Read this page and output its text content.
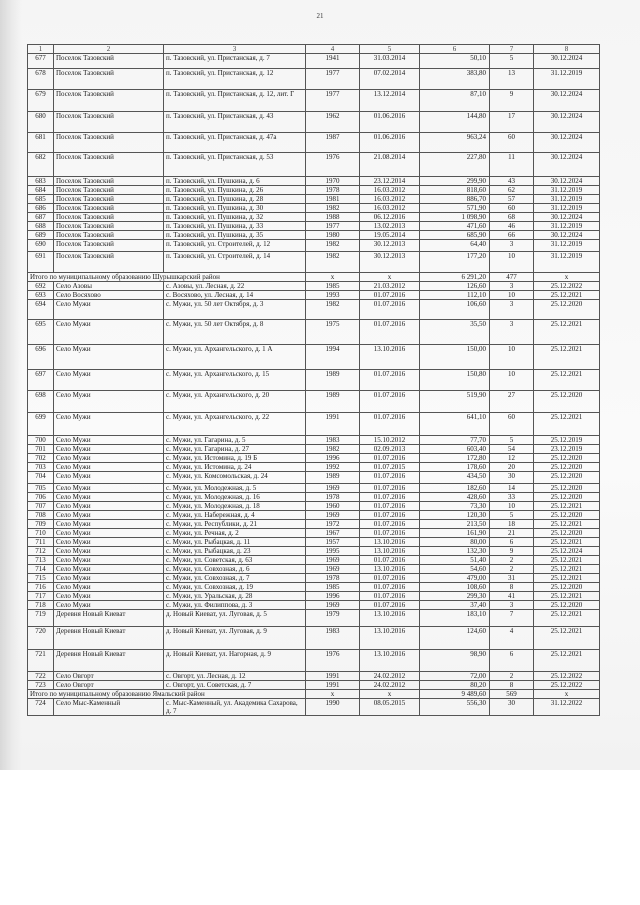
21
1	2	3	4	5	6	7	8
677	Поселок Тазовский	п. Тазовский, ул. Пристанская, д. 7	1941	31.03.2014	50,10	5	30.12.2024
678	Поселок Тазовский	п. Тазовский, ул. Пристанская, д. 12	1977	07.02.2014	383,80	13	31.12.2019
679	Поселок Тазовский	п. Тазовский, ул. Пристанская, д. 12, лит. Г	1977	13.12.2014	87,10	9	30.12.2024
680	Поселок Тазовский	п. Тазовский, ул. Пристанская, д. 43	1962	01.06.2016	144,80	17	30.12.2024
681	Поселок Тазовский	п. Тазовский, ул. Пристанская, д. 47а	1987	01.06.2016	963,24	60	30.12.2024
682	Поселок Тазовский	п. Тазовский, ул. Пристанская, д. 53	1976	21.08.2014	227,80	11	30.12.2024
683	Поселок Тазовский	п. Тазовский, ул. Пушкина, д. 6	1970	23.12.2014	299,90	43	30.12.2024
684	Поселок Тазовский	п. Тазовский, ул. Пушкина, д. 26	1978	16.03.2012	818,60	62	31.12.2019
685	Поселок Тазовский	п. Тазовский, ул. Пушкина, д. 28	1981	16.03.2012	886,70	57	31.12.2019
686	Поселок Тазовский	п. Тазовский, ул. Пушкина, д. 30	1982	16.03.2012	571,90	60	31.12.2019
687	Поселок Тазовский	п. Тазовский, ул. Пушкина, д. 32	1988	06.12.2016	1 098,90	68	30.12.2024
688	Поселок Тазовский	п. Тазовский, ул. Пушкина, д. 33	1977	13.02.2013	471,60	46	31.12.2019
689	Поселок Тазовский	п. Тазовский, ул. Пушкина, д. 35	1980	19.05.2014	685,90	66	30.12.2024
690	Поселок Тазовский	п. Тазовский, ул. Строителей, д. 12	1982	30.12.2013	64,40	3	31.12.2019
691	Поселок Тазовский	п. Тазовский, ул. Строителей, д. 14	1982	30.12.2013	177,20	10	31.12.2019
Итого по муниципальному образованию Шурышкарский район			x	x	6 291,20	477	x
692	Село Азовы	с. Азовы, ул. Лесная, д. 22	1985	21.03.2012	126,60	3	25.12.2022
693	Село Восяхово	с. Восяхово, ул. Лесная, д. 14	1993	01.07.2016	112,10	10	25.12.2021
694	Село Мужи	с. Мужи, ул. 50 лет Октября, д. 3	1982	01.07.2016	106,60	3	25.12.2020
695	Село Мужи	с. Мужи, ул. 50 лет Октября, д. 8	1975	01.07.2016	35,50	3	25.12.2021
696	Село Мужи	с. Мужи, ул. Архангельского, д. 1 А	1994	13.10.2016	150,00	10	25.12.2021
697	Село Мужи	с. Мужи, ул. Архангельского, д. 15	1989	01.07.2016	150,80	10	25.12.2021
698	Село Мужи	с. Мужи, ул. Архангельского, д. 20	1989	01.07.2016	519,90	27	25.12.2020
699	Село Мужи	с. Мужи, ул. Архангельского, д. 22	1991	01.07.2016	641,10	60	25.12.2021
700	Село Мужи	с. Мужи, ул. Гагарина, д. 5	1983	15.10.2012	77,70	5	25.12.2019
701	Село Мужи	с. Мужи, ул. Гагарина, д. 27	1982	02.09.2013	603,40	54	23.12.2019
702	Село Мужи	с. Мужи, ул. Истомина, д. 19 Б	1996	01.07.2016	172,80	12	25.12.2020
703	Село Мужи	с. Мужи, ул. Истомина, д. 24	1992	01.07.2015	178,60	20	25.12.2020
704	Село Мужи	с. Мужи, ул. Комсомольская, д. 24	1989	01.07.2016	434,50	30	25.12.2020
705	Село Мужи	с. Мужи, ул. Молодежная, д. 5	1969	01.07.2016	182,60	14	25.12.2020
706	Село Мужи	с. Мужи, ул. Молодежная, д. 16	1978	01.07.2016	428,60	33	25.12.2020
707	Село Мужи	с. Мужи, ул. Молодежная, д. 18	1960	01.07.2016	73,30	10	25.12.2021
708	Село Мужи	с. Мужи, ул. Набережная, д. 4	1969	01.07.2016	120,30	5	25.12.2020
709	Село Мужи	с. Мужи, ул. Республики, д. 21	1972	01.07.2016	213,50	18	25.12.2021
710	Село Мужи	с. Мужи, ул. Речная, д. 2	1967	01.07.2016	161,90	21	25.12.2020
711	Село Мужи	с. Мужи, ул. Рыбацкая, д. 11	1957	13.10.2016	80,00	6	25.12.2021
712	Село Мужи	с. Мужи, ул. Рыбацкая, д. 23	1995	13.10.2016	132,30	9	25.12.2024
713	Село Мужи	с. Мужи, ул. Советская, д. 63	1969	01.07.2016	51,40	2	25.12.2021
714	Село Мужи	с. Мужи, ул. Совхозная, д. 6	1969	13.10.2016	54,60	2	25.12.2021
715	Село Мужи	с. Мужи, ул. Совхозная, д. 7	1978	01.07.2016	479,00	31	25.12.2021
716	Село Мужи	с. Мужи, ул. Совхозная, д. 19	1985	01.07.2016	108,60	8	25.12.2020
717	Село Мужи	с. Мужи, ул. Уральская, д. 28	1996	01.07.2016	299,30	41	25.12.2021
718	Село Мужи	с. Мужи, ул. Филиппова, д. 3	1969	01.07.2016	37,40	3	25.12.2020
719	Деревня Новый Киеват	д. Новый Киеват, ул. Луговая, д. 5	1979	13.10.2016	183,10	7	25.12.2021
720	Деревня Новый Киеват	д. Новый Киеват, ул. Луговая, д. 9	1983	13.10.2016	124,60	4	25.12.2021
721	Деревня Новый Киеват	д. Новый Киеват, ул. Нагорная, д. 9	1976	13.10.2016	98,90	6	25.12.2021
722	Село Овгорт	с. Овгорт, ул. Лесная, д. 12	1991	24.02.2012	72,00	2	25.12.2022
723	Село Овгорт	с. Овгорт, ул. Советская, д. 7	1991	24.02.2012	80,20	8	25.12.2022
Итого по муниципальному образованию Ямальский район			x	x	9 489,60	569	x
724	Село Мыс-Каменный	с. Мыс-Каменный, ул. Академика Сахарова, д. 7	1990	08.05.2015	556,30	30	31.12.2022
